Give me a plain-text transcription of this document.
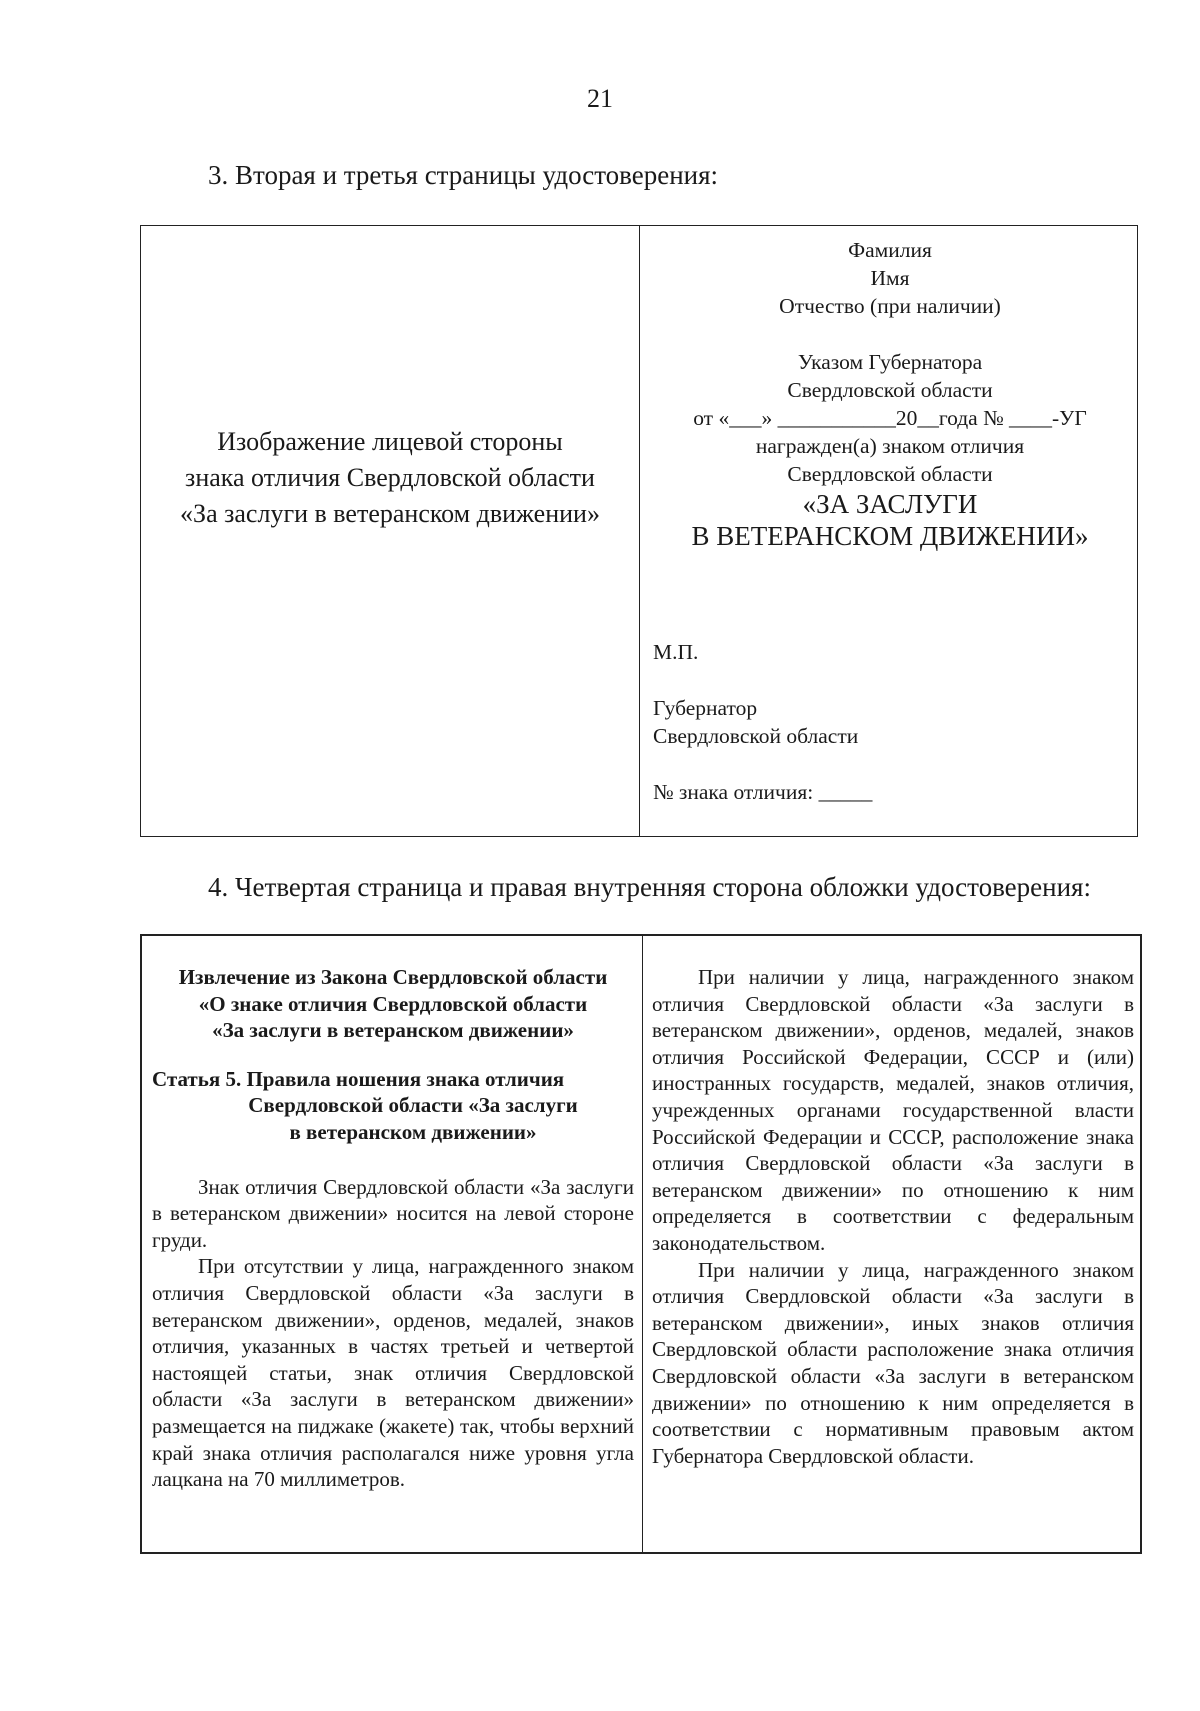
21
3. Вторая и третья страницы удостоверения:
Изображение лицевой стороны
знака отличия Свердловской области
«За заслуги в ветеранском движении»
Фамилия
Имя
Отчество (при наличии)
Указом Губернатора
Свердловской области
от «___» ___________20__года № ____-УГ
награжден(а) знаком отличия
Свердловской области
«ЗА ЗАСЛУГИ
В ВЕТЕРАНСКОМ ДВИЖЕНИИ»
М.П.
Губернатор
Свердловской области
№ знака отличия: _____
4. Четвертая страница и правая внутренняя сторона обложки удостоверения:
Извлечение из Закона Свердловской области
«О знаке отличия Свердловской области
«За заслуги в ветеранском движении»
Статья 5. Правила ношения знака отличия
Свердловской области «За заслуги
в ветеранском движении»

Знак отличия Свердловской области «За заслуги в ветеранском движении» носится на левой стороне груди.

При отсутствии у лица, награжденного знаком отличия Свердловской области «За заслуги в ветеранском движении», орденов, медалей, знаков отличия, указанных в частях третьей и четвертой настоящей статьи, знак отличия Свердловской области «За заслуги в ветеранском движении» размещается на пиджаке (жакете) так, чтобы верхний край знака отличия располагался ниже уровня угла лацкана на 70 миллиметров.

При наличии у лица, награжденного знаком отличия Свердловской области «За заслуги в ветеранском движении», орденов, медалей, знаков отличия Российской Федерации, СССР и (или) иностранных государств, медалей, знаков отличия, учрежденных органами государственной власти Российской Федерации и СССР, расположение знака отличия Свердловской области «За заслуги в ветеранском движении» по отношению к ним определяется в соответствии с федеральным законодательством.

При наличии у лица, награжденного знаком отличия Свердловской области «За заслуги в ветеранском движении», иных знаков отличия Свердловской области расположение знака отличия Свердловской области «За заслуги в ветеранском движении» по отношению к ним определяется в соответствии с нормативным правовым актом Губернатора Свердловской области.
